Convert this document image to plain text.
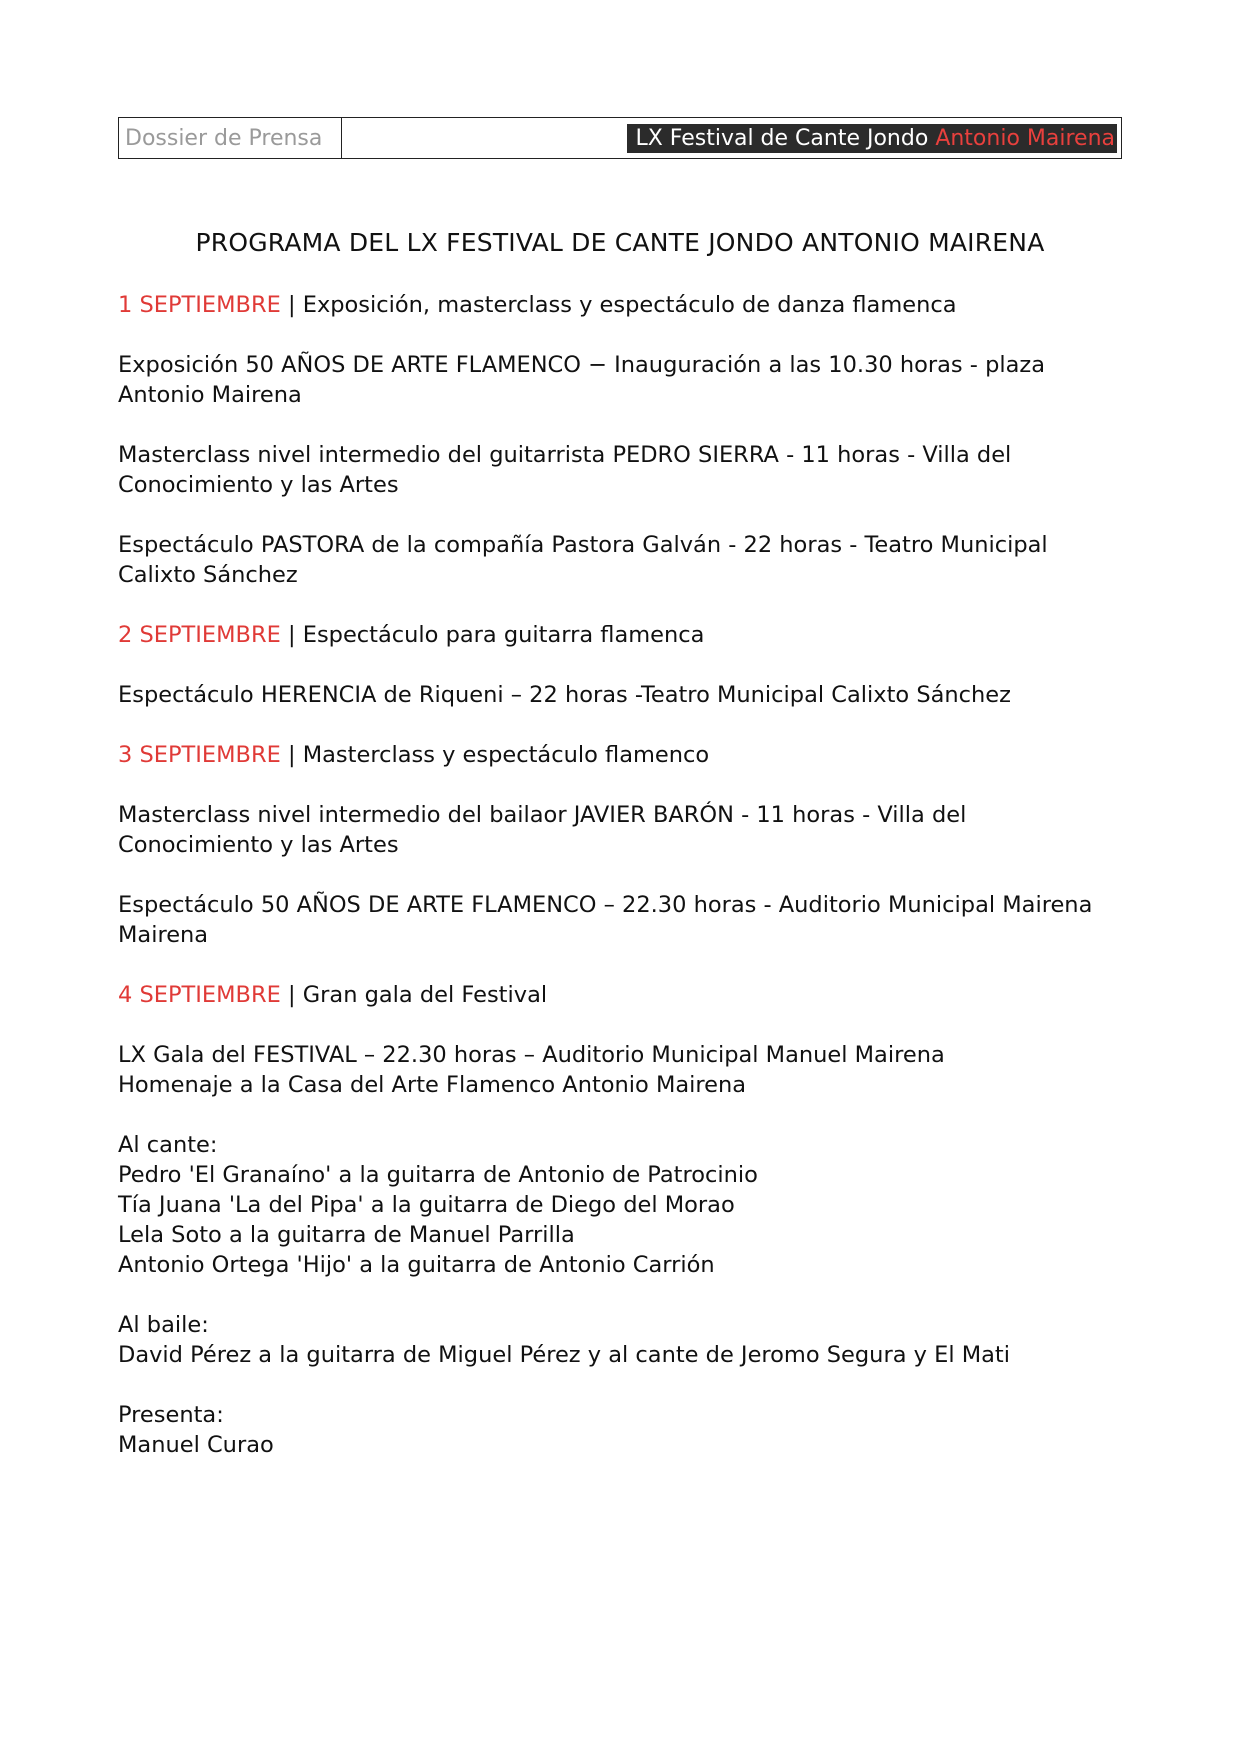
Dossier de Prensa	LX Festival de Cante Jondo Antonio Mairena
PROGRAMA DEL LX FESTIVAL DE CANTE JONDO ANTONIO MAIRENA

1 SEPTIEMBRE | Exposición, masterclass y espectáculo de danza flamenca

Exposición 50 AÑOS DE ARTE FLAMENCO − Inauguración a las 10.30 horas - plaza Antonio Mairena

Masterclass nivel intermedio del guitarrista PEDRO SIERRA - 11 horas - Villa del Conocimiento y las Artes

Espectáculo PASTORA de la compañía Pastora Galván - 22 horas - Teatro Municipal Calixto Sánchez

2 SEPTIEMBRE | Espectáculo para guitarra flamenca

Espectáculo HERENCIA de Riqueni – 22 horas -Teatro Municipal Calixto Sánchez

3 SEPTIEMBRE | Masterclass y espectáculo flamenco

Masterclass nivel intermedio del bailaor JAVIER BARÓN - 11 horas - Villa del Conocimiento y las Artes

Espectáculo 50 AÑOS DE ARTE FLAMENCO – 22.30 horas - Auditorio Municipal Mairena Mairena

4 SEPTIEMBRE | Gran gala del Festival

LX Gala del FESTIVAL – 22.30 horas – Auditorio Municipal Manuel Mairena
Homenaje a la Casa del Arte Flamenco Antonio Mairena

Al cante:
Pedro 'El Granaíno' a la guitarra de Antonio de Patrocinio
Tía Juana 'La del Pipa' a la guitarra de Diego del Morao
Lela Soto a la guitarra de Manuel Parrilla
Antonio Ortega 'Hijo' a la guitarra de Antonio Carrión

Al baile:
David Pérez a la guitarra de Miguel Pérez y al cante de Jeromo Segura y El Mati

Presenta:
Manuel Curao
